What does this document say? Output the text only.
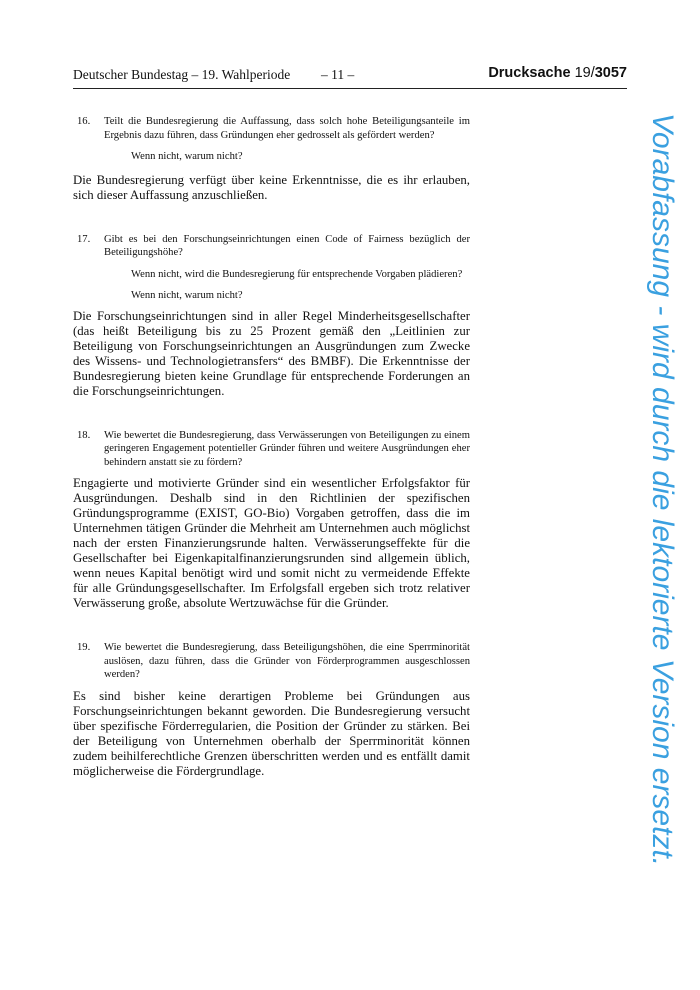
Deutscher Bundestag – 19. Wahlperiode – 11 –	Drucksache 19/3057
16. Teilt die Bundesregierung die Auffassung, dass solch hohe Beteiligungsanteile im Ergebnis dazu führen, dass Gründungen eher gedrosselt als gefördert werden?
Wenn nicht, warum nicht?
Die Bundesregierung verfügt über keine Erkenntnisse, die es ihr erlauben, sich dieser Auffassung anzuschließen.
17. Gibt es bei den Forschungseinrichtungen einen Code of Fairness bezüglich der Beteiligungshöhe?
Wenn nicht, wird die Bundesregierung für entsprechende Vorgaben plädieren?
Wenn nicht, warum nicht?
Die Forschungseinrichtungen sind in aller Regel Minderheitsgesellschafter (das heißt Beteiligung bis zu 25 Prozent gemäß den „Leitlinien zur Beteiligung von Forschungseinrichtungen an Ausgründungen zum Zwecke des Wissens- und Technologietransfers“ des BMBF). Die Erkenntnisse der Bundesregierung bieten keine Grundlage für entsprechende Forderungen an die Forschungseinrichtungen.
18. Wie bewertet die Bundesregierung, dass Verwässerungen von Beteiligungen zu einem geringeren Engagement potentieller Gründer führen und weitere Ausgründungen eher behindern anstatt sie zu fördern?
Engagierte und motivierte Gründer sind ein wesentlicher Erfolgsfaktor für Ausgründungen. Deshalb sind in den Richtlinien der spezifischen Gründungsprogramme (EXIST, GO-Bio) Vorgaben getroffen, dass die im Unternehmen tätigen Gründer die Mehrheit am Unternehmen auch möglichst nach der ersten Finanzierungsrunde halten. Verwässerungseffekte für die Gesellschafter bei Eigenkapitalfinanzierungsrunden sind allgemein üblich, wenn neues Kapital benötigt wird und somit nicht zu vermeidende Effekte für alle Gründungsgesellschafter. Im Erfolgsfall ergeben sich trotz relativer Verwässerung große, absolute Wertzuwächse für die Gründer.
19. Wie bewertet die Bundesregierung, dass Beteiligungshöhen, die eine Sperrminorität auslösen, dazu führen, dass die Gründer von Förderprogrammen ausgeschlossen werden?
Es sind bisher keine derartigen Probleme bei Gründungen aus Forschungseinrichtungen bekannt geworden. Die Bundesregierung versucht über spezifische Förderregularien, die Position der Gründer zu stärken. Bei der Beteiligung von Unternehmen oberhalb der Sperrminorität können zudem beihilferechtliche Grenzen überschritten werden und es entfällt damit möglicherweise die Fördergrundlage.	Vorabfassung - wird durch die lektorierte Version ersetzt.
